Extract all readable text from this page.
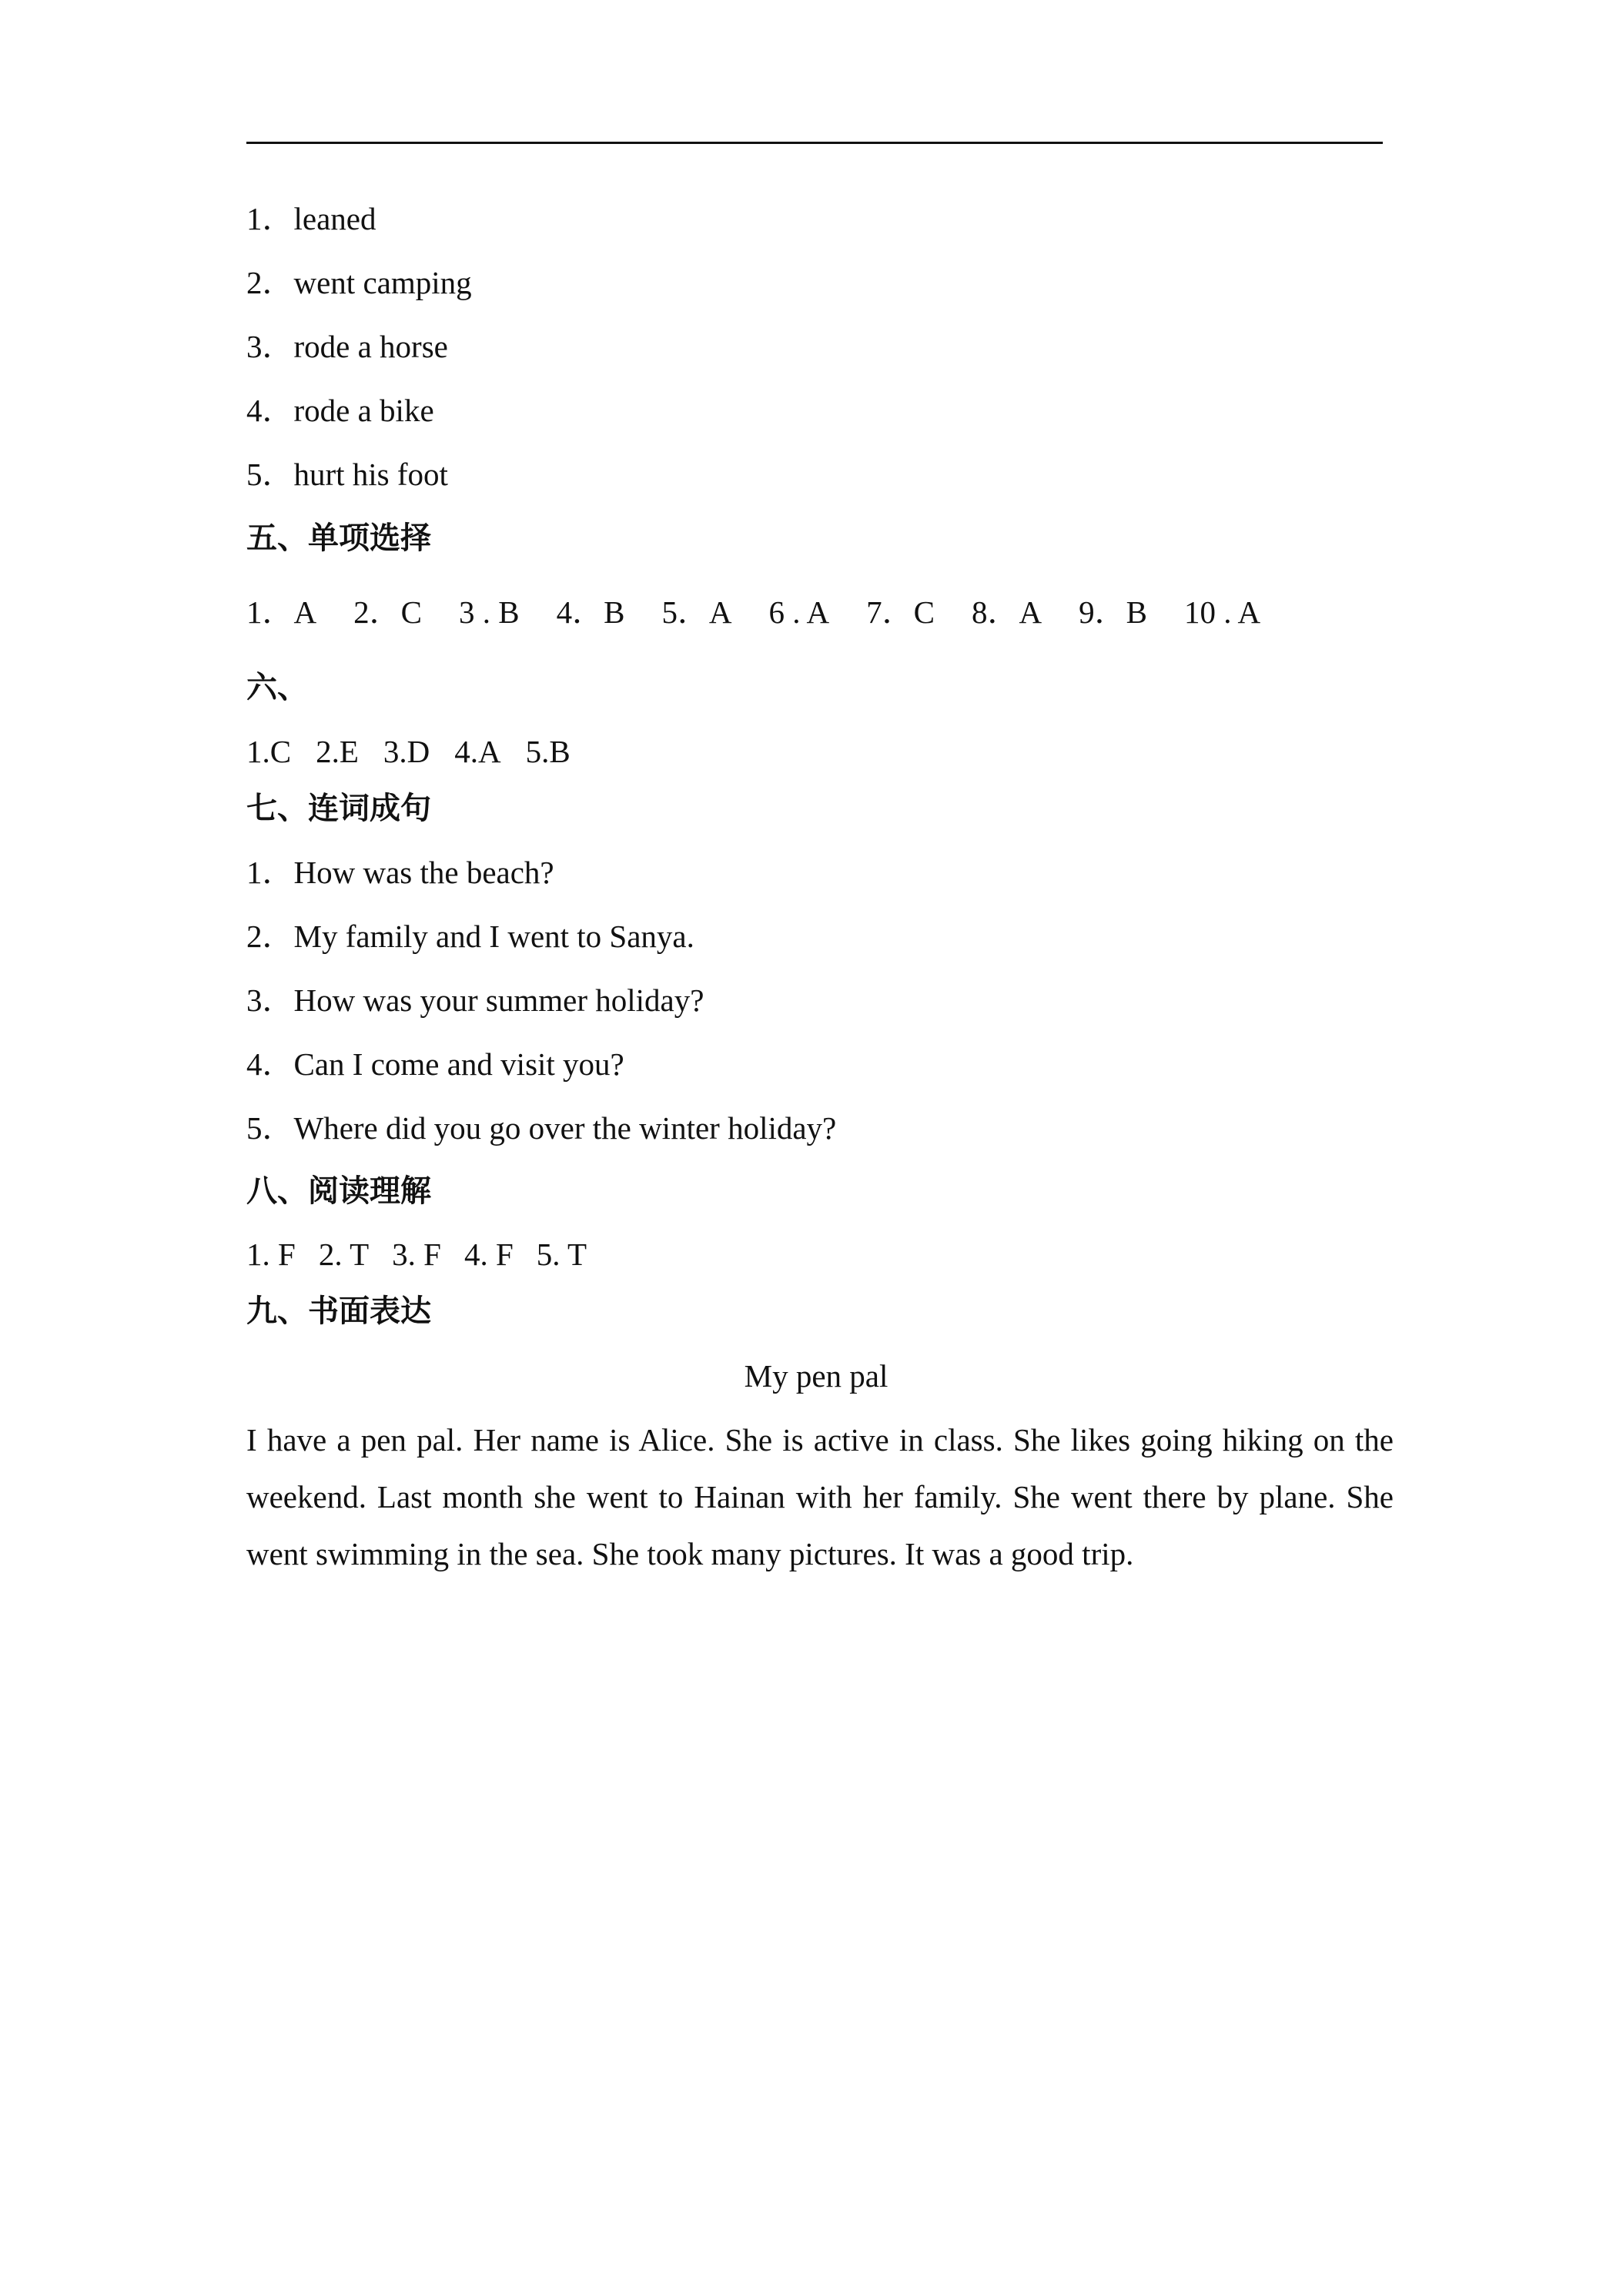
1．leaned
2．went camping
3．rode a horse
4．rode a bike
5．hurt his foot
五、单项选择
1．A 2．C 3 . B 4．B 5．A 6 . A 7．C 8．A 9．B 10 . A
六、
1.C 2.E 3.D 4.A 5.B
七、连词成句
1．How was the beach?
2．My family and I went to Sanya.
3．How was your summer holiday?
4．Can I come and visit you?
5．Where did you go over the winter holiday?
八、阅读理解
1. F 2. T 3. F 4. F 5. T
九、书面表达
My pen pal
I have a pen pal. Her name is Alice. She is active in class. She likes going hiking on the weekend. Last month she went to Hainan with her family. She went there by plane. She went swimming in the sea. She took many pictures. It was a good trip.
